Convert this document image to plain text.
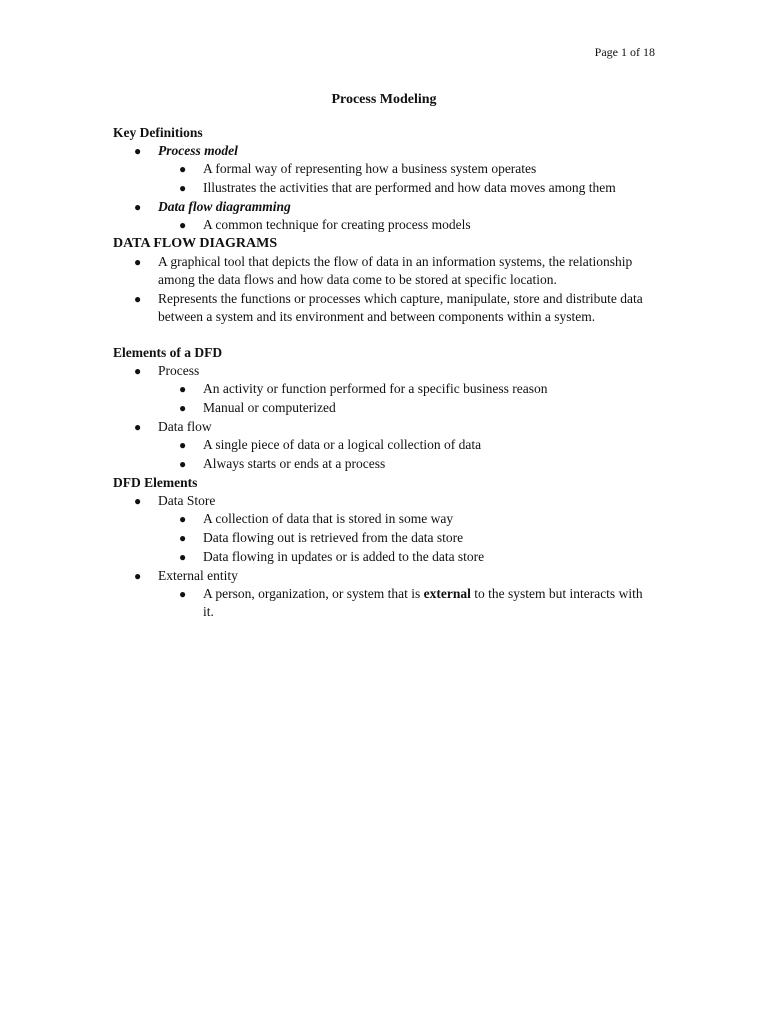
Page 1 of 18
Process Modeling
Key Definitions
● Process model
● A formal way of representing how a business system operates
● Illustrates the activities that are performed and how data moves among them
● Data flow diagramming
● A common technique for creating process models
DATA FLOW DIAGRAMS
● A graphical tool that depicts the flow of data in an information systems, the relationship among the data flows and how data come to be stored at specific location.
● Represents the functions or processes which capture, manipulate, store and distribute data between a system and its environment and between components within a system.
Elements of a DFD
● Process
● An activity or function performed for a specific business reason
● Manual or computerized
● Data flow
● A single piece of data or a logical collection of data
● Always starts or ends at a process
DFD Elements
● Data Store
● A collection of data that is stored in some way
● Data flowing out is retrieved from the data store
● Data flowing in updates or is added to the data store
● External entity
● A person, organization, or system that is external to the system but interacts with it.
